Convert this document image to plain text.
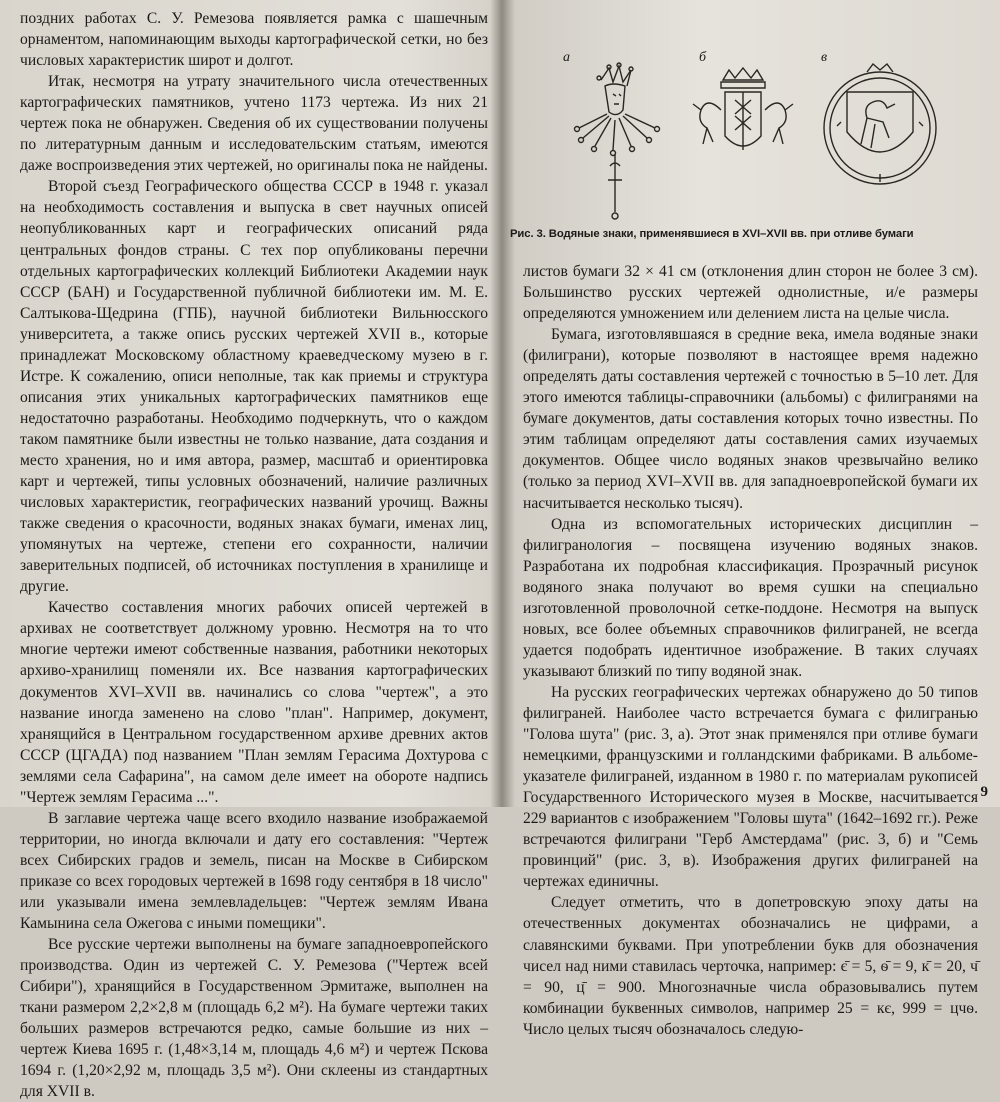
поздних работах С. У. Ремезова появляется рамка с шашечным орнаментом, напоминающим выходы картографической сетки, но без числовых характеристик широт и долгот.

Итак, несмотря на утрату значительного числа отечественных картографических памятников, учтено 1173 чертежа. Из них 21 чертеж пока не обнаружен. Сведения об их существовании получены по литературным данным и исследовательским статьям, имеются даже воспроизведения этих чертежей, но оригиналы пока не найдены.

Второй съезд Географического общества СССР в 1948 г. указал на необходимость составления и выпуска в свет научных описей неопубликованных карт и географических описаний ряда центральных фондов страны. С тех пор опубликованы перечни отдельных картографических коллекций Библиотеки Академии наук СССР (БАН) и Государственной публичной библиотеки им. М. Е. Салтыкова-Щедрина (ГПБ), научной библиотеки Вильнюсского университета, а также опись русских чертежей XVII в., которые принадлежат Московскому областному краеведческому музею в г. Истре. К сожалению, описи неполные, так как приемы и структура описания этих уникальных картографических памятников еще недостаточно разработаны. Необходимо подчеркнуть, что о каждом таком памятнике были известны не только название, дата создания и место хранения, но и имя автора, размер, масштаб и ориентировка карт и чертежей, типы условных обозначений, наличие различных числовых характеристик, географических названий урочищ. Важны также сведения о красочности, водяных знаках бумаги, именах лиц, упомянутых на чертеже, степени его сохранности, наличии заверительных подписей, об источниках поступления в хранилище и другие.

Качество составления многих рабочих описей чертежей в архивах не соответствует должному уровню. Несмотря на то что многие чертежи имеют собственные названия, работники некоторых архиво-хранилищ поменяли их. Все названия картографических документов XVI–XVII вв. начинались со слова "чертеж", а это название иногда заменено на слово "план". Например, документ, хранящийся в Центральном государственном архиве древних актов СССР (ЦГАДА) под названием "План землям Герасима Дохтурова с землями села Сафарина", на самом деле имеет на обороте надпись "Чертеж землям Герасима ...".

В заглавие чертежа чаще всего входило название изображаемой территории, но иногда включали и дату его составления: "Чертеж всех Сибирских градов и земель, писан на Москве в Сибирском приказе со всех городовых чертежей в 1698 году сентября в 18 число" или указывали имена землевладельцев: "Чертеж землям Ивана Камынина села Ожегова с иными помещики".

Все русские чертежи выполнены на бумаге западноевропейского производства. Один из чертежей С. У. Ремезова ("Чертеж всей Сибири"), хранящийся в Государственном Эрмитаже, выполнен на ткани размером 2,2×2,8 м (площадь 6,2 м²). На бумаге чертежи таких больших размеров встречаются редко, самые большие из них – чертеж Киева 1695 г. (1,48×3,14 м, площадь 4,6 м²) и чертеж Пскова 1694 г. (1,20×2,92 м, площадь 3,5 м²). Они склеены из стандартных для XVII в.

а	б	в
Рис. 3. Водяные знаки, применявшиеся в XVI–XVII вв. при отливе бумаги

листов бумаги 32 × 41 см (отклонения длин сторон не более 3 см). Большинство русских чертежей однолистные, и/е размеры определяются умножением или делением листа на целые числа.

Бумага, изготовлявшаяся в средние века, имела водяные знаки (филиграни), которые позволяют в настоящее время надежно определять даты составления чертежей с точностью в 5–10 лет. Для этого имеются таблицы-справочники (альбомы) с филигранями на бумаге документов, даты составления которых точно известны. По этим таблицам определяют даты составления самих изучаемых документов. Общее число водяных знаков чрезвычайно велико (только за период XVI–XVII вв. для западноевропейской бумаги их насчитывается несколько тысяч).

Одна из вспомогательных исторических дисциплин – филигранология – посвящена изучению водяных знаков. Разработана их подробная классификация. Прозрачный рисунок водяного знака получают во время сушки на специально изготовленной проволочной сетке-поддоне. Несмотря на выпуск новых, все более объемных справочников филиграней, не всегда удается подобрать идентичное изображение. В таких случаях указывают близкий по типу водяной знак.

На русских географических чертежах обнаружено до 50 типов филиграней. Наиболее часто встречается бумага с филигранью "Голова шута" (рис. 3, а). Этот знак применялся при отливе бумаги немецкими, французскими и голландскими фабриками. В альбоме-указателе филиграней, изданном в 1980 г. по материалам рукописей Государственного Исторического музея в Москве, насчитывается 229 вариантов с изображением "Головы шута" (1642–1692 гг.). Реже встречаются филиграни "Герб Амстердама" (рис. 3, б) и "Семь провинций" (рис. 3, в). Изображения других филиграней на чертежах единичны.

Следует отметить, что в допетровскую эпоху даты на отечественных документах обозначались не цифрами, а славянскими буквами. При употреблении букв для обозначения чисел над ними ставилась черточка, например: є̄ = 5, ѳ̄ = 9, к̄ = 20, ч̄ = 90, ц̄ = 900. Многозначные числа образовывались путем комбинации буквенных символов, например 25 = кє, 999 = цчѳ. Число целых тысяч обозначалось следую-

9
